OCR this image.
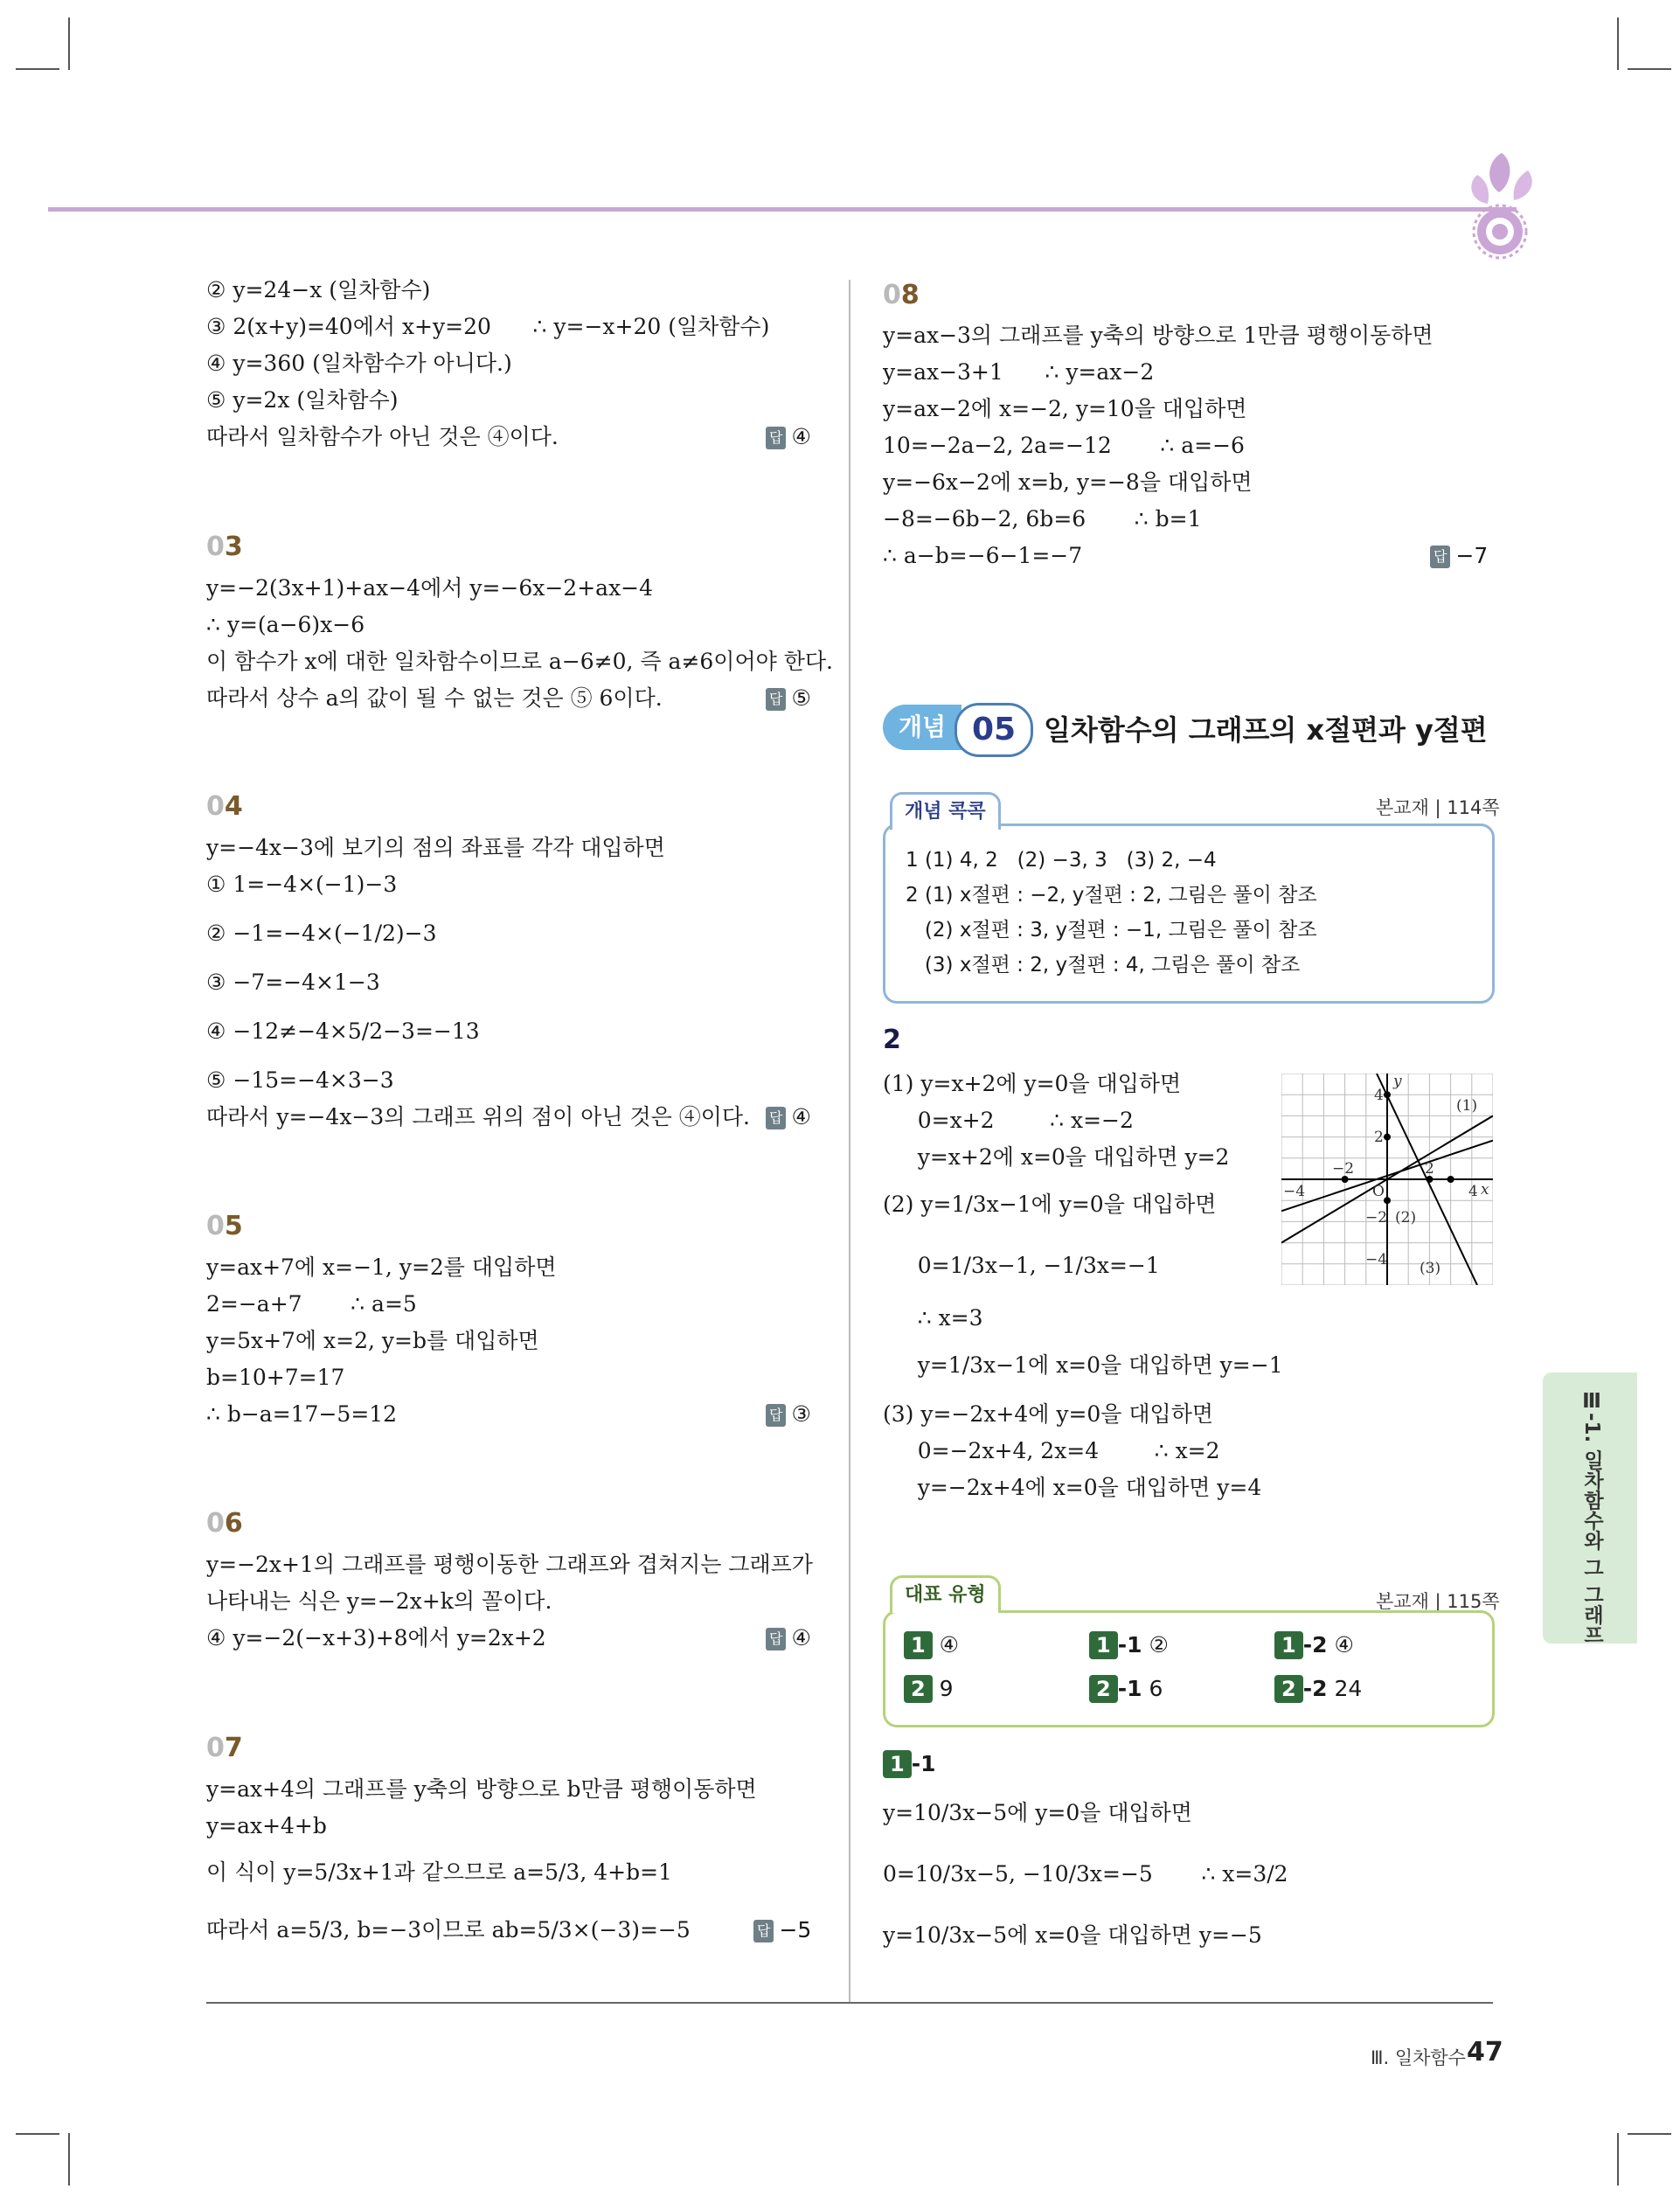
② y=24−x (일차함수)
③ 2(x+y)=40에서 x+y=20      ∴ y=−x+20 (일차함수)
④ y=360 (일차함수가 아니다.)
⑤ y=2x (일차함수)
따라서 일차함수가 아닌 것은 ④이다.	답 ④
03
y=−2(3x+1)+ax−4에서 y=−6x−2+ax−4
∴ y=(a−6)x−6
이 함수가 x에 대한 일차함수이므로 a−6≠0, 즉 a≠6이어야 한다.
따라서 상수 a의 값이 될 수 없는 것은 ⑤ 6이다.	답 ⑤
04
y=−4x−3에 보기의 점의 좌표를 각각 대입하면
① 1=−4×(−1)−3
② −1=−4×(−1/2)−3
③ −7=−4×1−3
④ −12≠−4×5/2−3=−13
⑤ −15=−4×3−3
따라서 y=−4x−3의 그래프 위의 점이 아닌 것은 ④이다. 답 ④
05
y=ax+7에 x=−1, y=2를 대입하면
2=−a+7       ∴ a=5
y=5x+7에 x=2, y=b를 대입하면
b=10+7=17
∴ b−a=17−5=12	답 ③
06
y=−2x+1의 그래프를 평행이동한 그래프와 겹쳐지는 그래프가
나타내는 식은 y=−2x+k의 꼴이다.
④ y=−2(−x+3)+8에서 y=2x+2	답 ④
07
y=ax+4의 그래프를 y축의 방향으로 b만큼 평행이동하면
y=ax+4+b
이 식이 y=5/3x+1과 같으므로 a=5/3, 4+b=1
따라서 a=5/3, b=−3이므로 ab=5/3×(−3)=−5	답 −5
08
y=ax−3의 그래프를 y축의 방향으로 1만큼 평행이동하면
y=ax−3+1      ∴ y=ax−2
y=ax−2에 x=−2, y=10을 대입하면
10=−2a−2, 2a=−12       ∴ a=−6
y=−6x−2에 x=b, y=−8을 대입하면
−8=−6b−2, 6b=6       ∴ b=1
∴ a−b=−6−1=−7	답 −7
개념 05 일차함수의 그래프의 x절편과 y절편
개념 콕콕	본교재 | 114쪽
1 (1) 4, 2   (2) −3, 3   (3) 2, −4
2 (1) x절편 : −2, y절편 : 2, 그림은 풀이 참조
(2) x절편 : 3, y절편 : −1, 그림은 풀이 참조
(3) x절편 : 2, y절편 : 4, 그림은 풀이 참조
2
(1) y=x+2에 y=0을 대입하면
0=x+2        ∴ x=−2
y=x+2에 x=0을 대입하면 y=2
(2) y=1/3x−1에 y=0을 대입하면
0=1/3x−1, −1/3x=−1
∴ x=3
y=1/3x−1에 x=0을 대입하면 y=−1
(3) y=−2x+4에 y=0을 대입하면
0=−2x+4, 2x=4        ∴ x=2
y=−2x+4에 x=0을 대입하면 y=4
y
x
O
(1)
(2)
(3)
4
2
−2
−4
2
4
−2
−4
대표 유형	본교재 | 115쪽
1 ④	1 -1 ②	1 -2 ④
2 9	2 -1 6	2 -2 24
1 -1
y=10/3x−5에 y=0을 대입하면
0=10/3x−5, −10/3x=−5       ∴ x=3/2
y=10/3x−5에 x=0을 대입하면 y=−5
Ⅲ-1. 일차함수와 그 그래프
Ⅲ. 일차함수 47
